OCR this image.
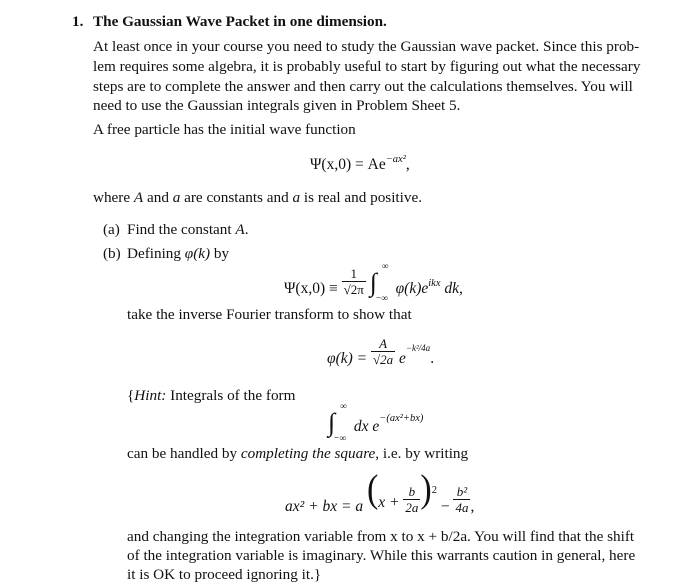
1. The Gaussian Wave Packet in one dimension.
At least once in your course you need to study the Gaussian wave packet. Since this prob-
lem requires some algebra, it is probably useful to start by figuring out what the necessary
steps are to complete the answer and then carry out the calculations themselves. You will
need to use the Gaussian integrals given in Problem Sheet 5.
A free particle has the initial wave function
$\Psi(x,0) = Ae^{-ax^2}$,
where A and a are constants and a is real and positive.
(a) Find the constant A.
(b) Defining φ(k) by
$\Psi(x,0) \equiv \frac{1}{√2\pi}$ ∫
∞
−∞
$\varphi(k)e^{ikx}$ dk,
take the inverse Fourier transform to show that
$\varphi(k) = \frac{A}{√2a} e-k^2/4a$.
{Hint: Integrals of the form
∫
∞
−∞
dx e−(ax²+bx)
can be handled by completing the square, i.e. by writing
ax² + bx = a $(x + \frac{b}{2a} )^2 - \frac{\text{b²}}{4a}$ ,
and changing the integration variable from x to x + b/2a. You will find that the shift
of the integration variable is imaginary. While this warrants caution in general, here
it is OK to proceed ignoring it.}
